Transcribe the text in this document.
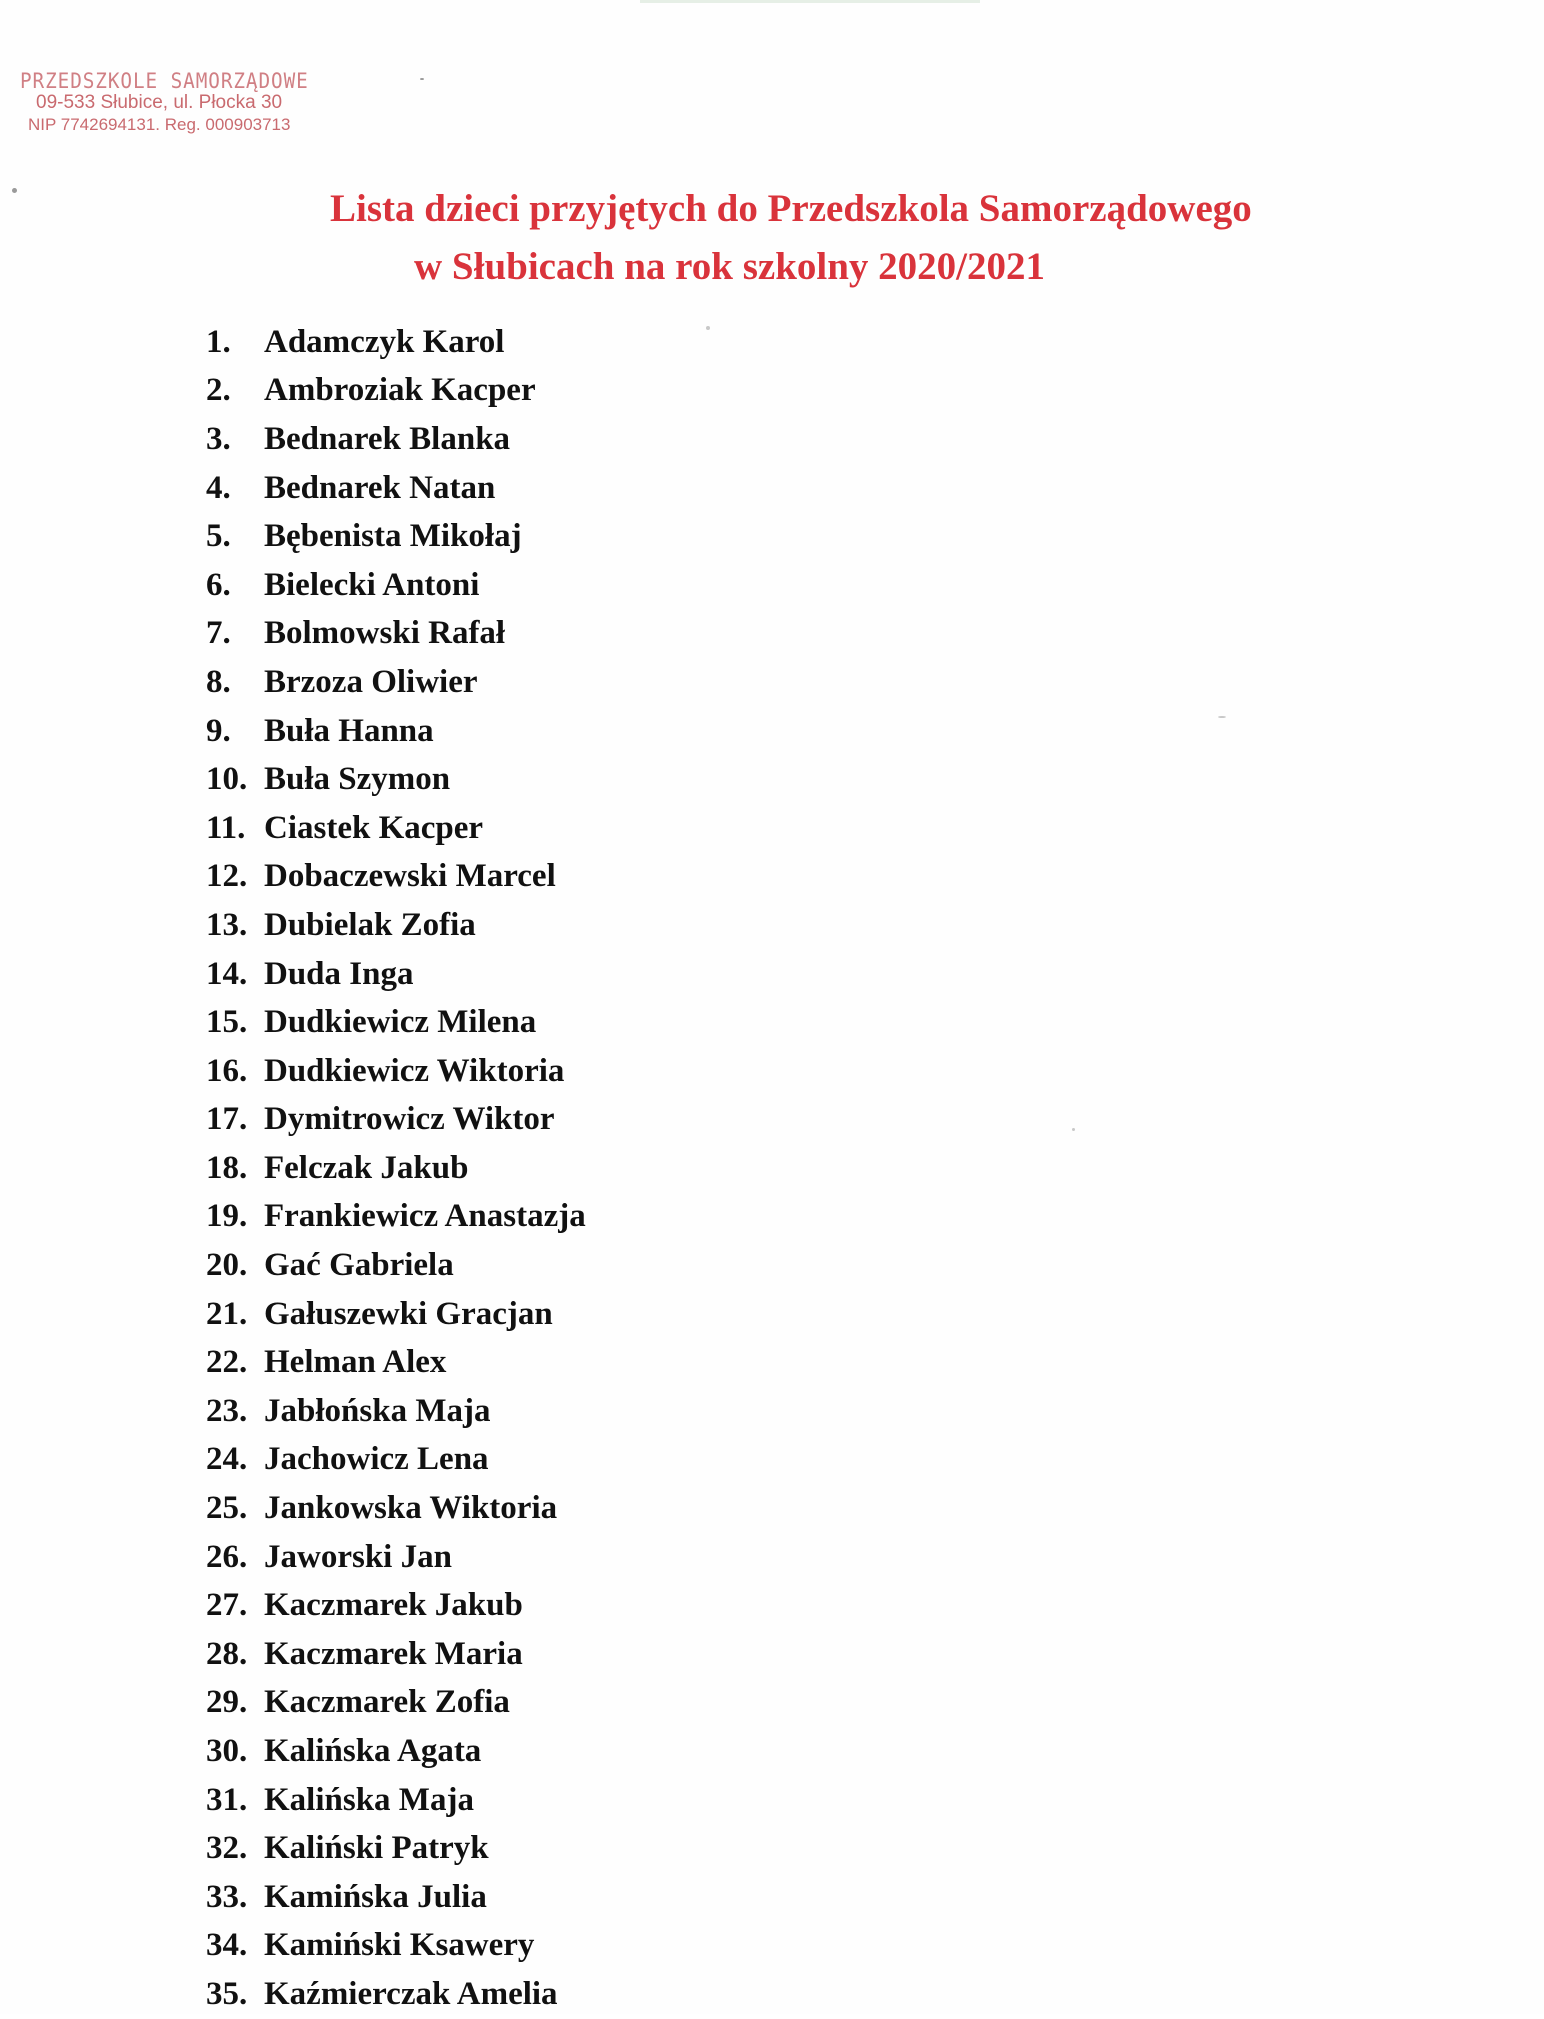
PRZEDSZKOLE SAMORZĄDOWE
09-533 Słubice, ul. Płocka 30
NIP 7742694131. Reg. 000903713
Lista dzieci przyjętych do Przedszkola Samorządowego
w Słubicach na rok szkolny 2020/2021
1.	Adamczyk Karol
2.	Ambroziak Kacper
3.	Bednarek Blanka
4.	Bednarek Natan
5.	Bębenista Mikołaj
6.	Bielecki Antoni
7.	Bolmowski Rafał
8.	Brzoza Oliwier
9.	Buła Hanna
10. Buła Szymon
11. Ciastek Kacper
12. Dobaczewski Marcel
13. Dubielak Zofia
14. Duda Inga
15. Dudkiewicz Milena
16. Dudkiewicz Wiktoria
17. Dymitrowicz Wiktor
18. Felczak Jakub
19. Frankiewicz Anastazja
20. Gać Gabriela
21. Gałuszewki Gracjan
22. Helman Alex
23. Jabłońska Maja
24. Jachowicz Lena
25. Jankowska Wiktoria
26. Jaworski Jan
27. Kaczmarek Jakub
28. Kaczmarek Maria
29. Kaczmarek Zofia
30. Kalińska Agata
31. Kalińska Maja
32. Kaliński Patryk
33. Kamińska Julia
34. Kamiński Ksawery
35. Kaźmierczak Amelia
